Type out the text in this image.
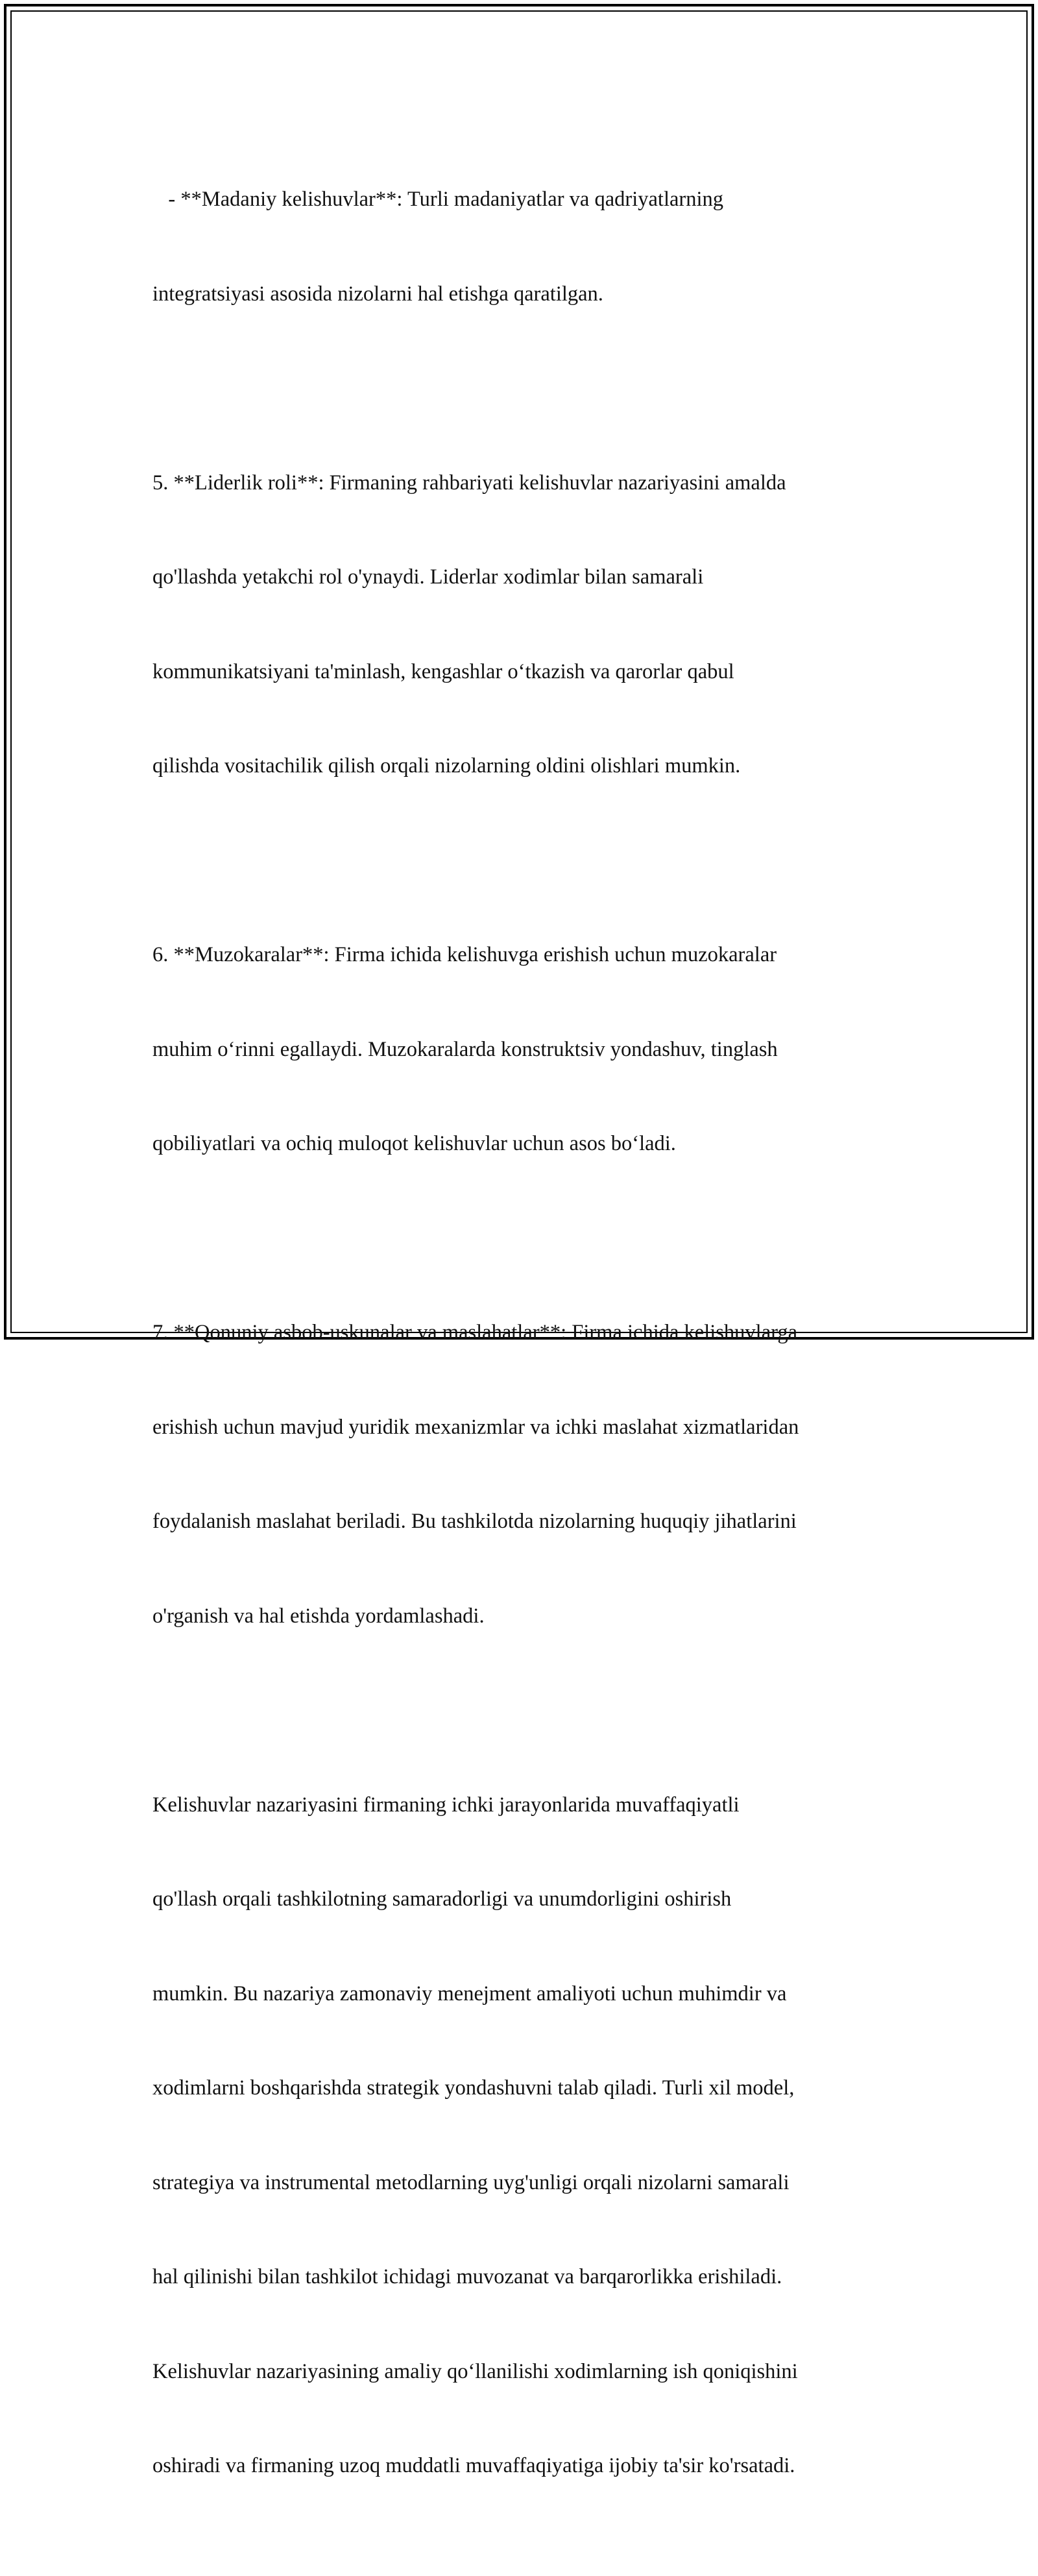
- **Madaniy kelishuvlar**: Turli madaniyatlar va qadriyatlarning

integratsiyasi asosida nizolarni hal etishga qaratilgan.

5. **Liderlik roli**: Firmaning rahbariyati kelishuvlar nazariyasini amalda

qo'llashda yetakchi rol o'ynaydi. Liderlar xodimlar bilan samarali

kommunikatsiyani ta'minlash, kengashlar o‘tkazish va qarorlar qabul

qilishda vositachilik qilish orqali nizolarning oldini olishlari mumkin.

6. **Muzokaralar**: Firma ichida kelishuvga erishish uchun muzokaralar

muhim o‘rinni egallaydi. Muzokaralarda konstruktsiv yondashuv, tinglash

qobiliyatlari va ochiq muloqot kelishuvlar uchun asos bo‘ladi.

7. **Qonuniy asbob-uskunalar va maslahatlar**: Firma ichida kelishuvlarga

erishish uchun mavjud yuridik mexanizmlar va ichki maslahat xizmatlaridan

foydalanish maslahat beriladi. Bu tashkilotda nizolarning huquqiy jihatlarini

o'rganish va hal etishda yordamlashadi.

Kelishuvlar nazariyasini firmaning ichki jarayonlarida muvaffaqiyatli

qo'llash orqali tashkilotning samaradorligi va unumdorligini oshirish

mumkin. Bu nazariya zamonaviy menejment amaliyoti uchun muhimdir va

xodimlarni boshqarishda strategik yondashuvni talab qiladi. Turli xil model,

strategiya va instrumental metodlarning uyg'unligi orqali nizolarni samarali

hal qilinishi bilan tashkilot ichidagi muvozanat va barqarorlikka erishiladi.

Kelishuvlar nazariyasining amaliy qo‘llanilishi xodimlarning ish qoniqishini

oshiradi va firmaning uzoq muddatli muvaffaqiyatiga ijobiy ta'sir ko'rsatadi.
